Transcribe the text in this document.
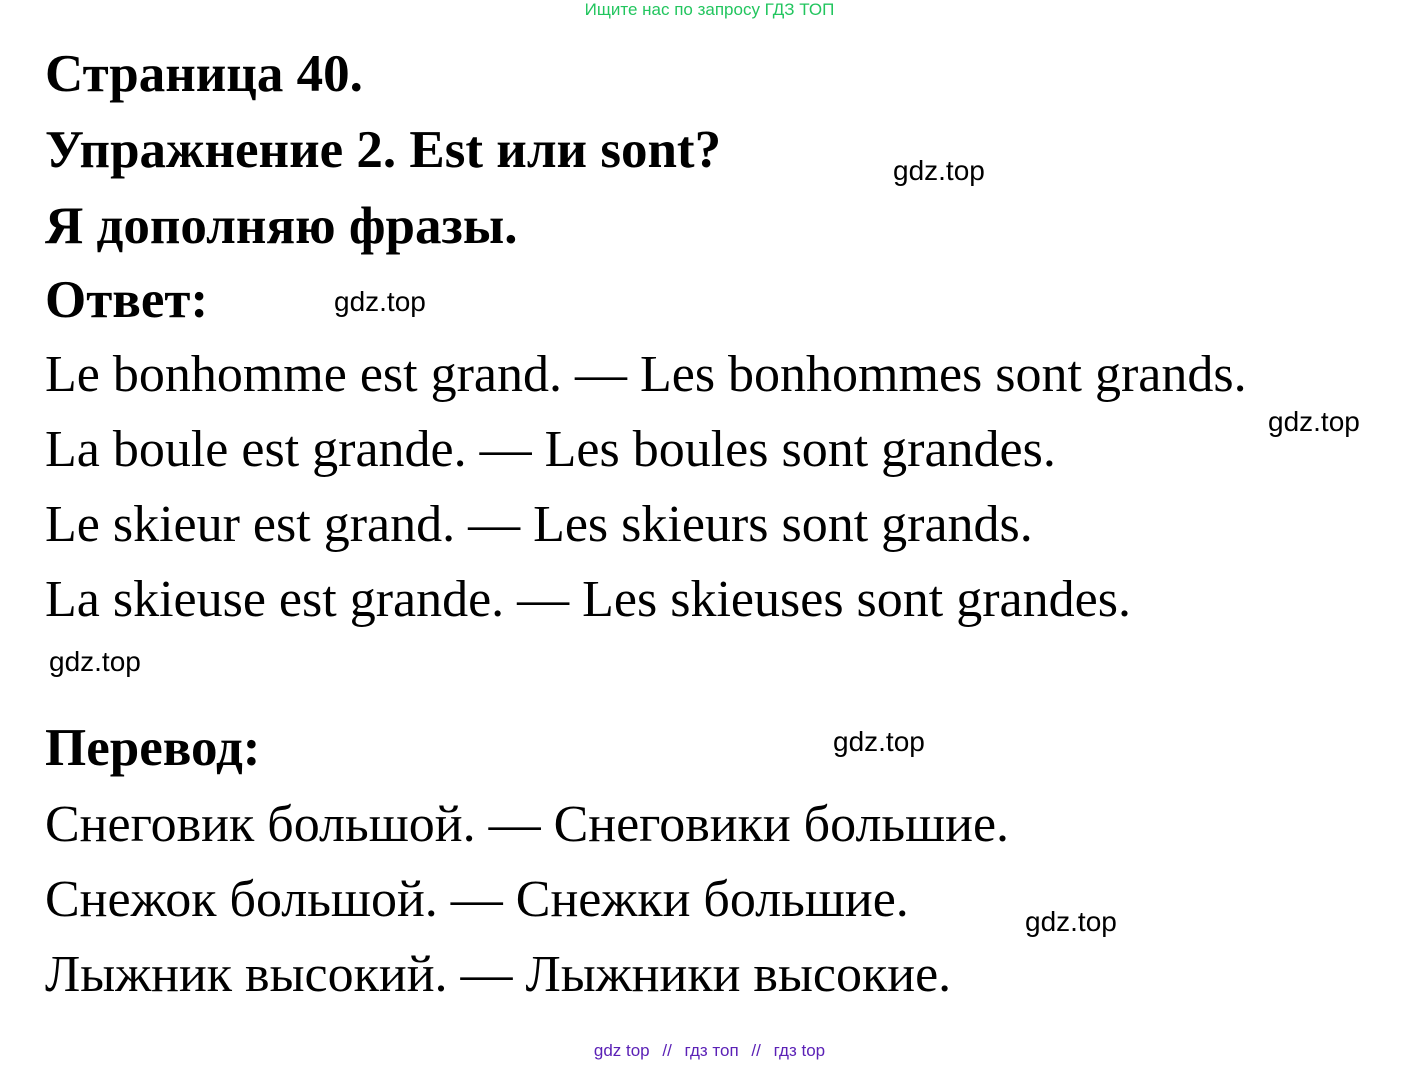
Ищите нас по запросу ГДЗ ТОП
Страница 40.
Упражнение 2. Est или sont?
Я дополняю фразы.
Ответ:
Le bonhomme est grand. — Les bonhommes sont grands.
La boule est grande. — Les boules sont grandes.
Le skieur est grand. — Les skieurs sont grands.
La skieuse est grande. — Les skieuses sont grandes.
Перевод:
Снеговик большой. — Снеговики большие.
Снежок большой. — Снежки большие.
Лыжник высокий. — Лыжники высокие.
gdz.top
gdz.top
gdz.top
gdz.top
gdz.top
gdz.top
gdz top // гдз топ // гдз top
